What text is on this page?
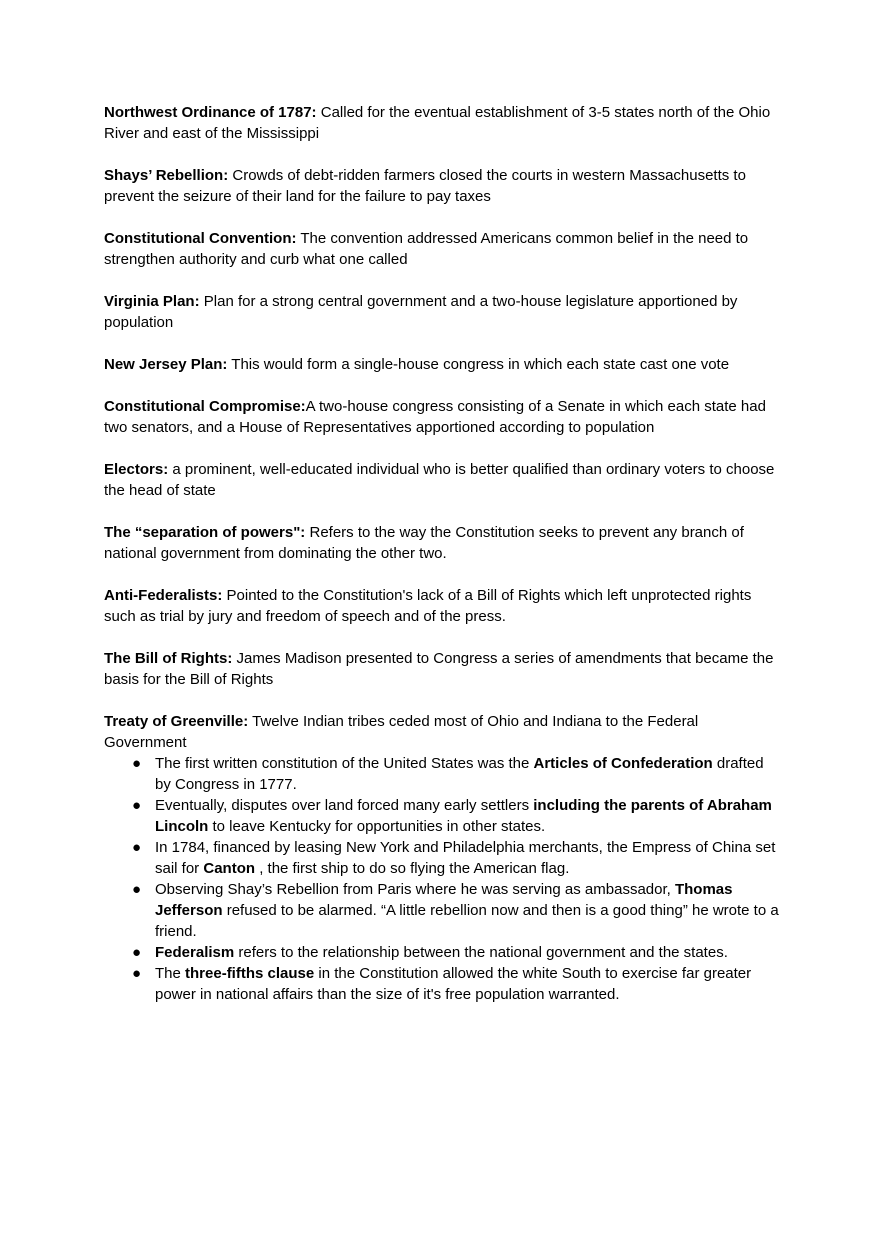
Northwest Ordinance of 1787: Called for the eventual establishment of 3-5 states north of the Ohio River and east of the Mississippi

Shays’ Rebellion: Crowds of debt-ridden farmers closed the courts in western Massachusetts to prevent the seizure of their land for the failure to pay taxes

Constitutional Convention: The convention addressed Americans common belief in the need to strengthen authority and curb what one called

Virginia Plan: Plan for a strong central government and a two-house legislature apportioned by population

New Jersey Plan: This would form a single-house congress in which each state cast one vote

Constitutional Compromise:A two-house congress consisting of a Senate in which each state had two senators, and a House of Representatives apportioned according to population

Electors: a prominent, well-educated individual who is better qualified than ordinary voters to choose the head of state

The “separation of powers": Refers to the way the Constitution seeks to prevent any branch of national government from dominating the other two.

Anti-Federalists: Pointed to the Constitution's lack of a Bill of Rights which left unprotected rights such as trial by jury and freedom of speech and of the press.

The Bill of Rights: James Madison presented to Congress a series of amendments that became the basis for the Bill of Rights

Treaty of Greenville: Twelve Indian tribes ceded most of Ohio and Indiana to the Federal Government

● The first written constitution of the United States was the Articles of Confederation drafted by Congress in 1777.
● Eventually, disputes over land forced many early settlers including the parents of Abraham Lincoln to leave Kentucky for opportunities in other states.
● In 1784, financed by leasing New York and Philadelphia merchants, the Empress of China set sail for Canton , the first ship to do so flying the American flag.
● Observing Shay’s Rebellion from Paris where he was serving as ambassador, Thomas Jefferson refused to be alarmed. “A little rebellion now and then is a good thing” he wrote to a friend.
● Federalism refers to the relationship between the national government and the states.
● The three-fifths clause in the Constitution allowed the white South to exercise far greater power in national affairs than the size of it's free population warranted.
